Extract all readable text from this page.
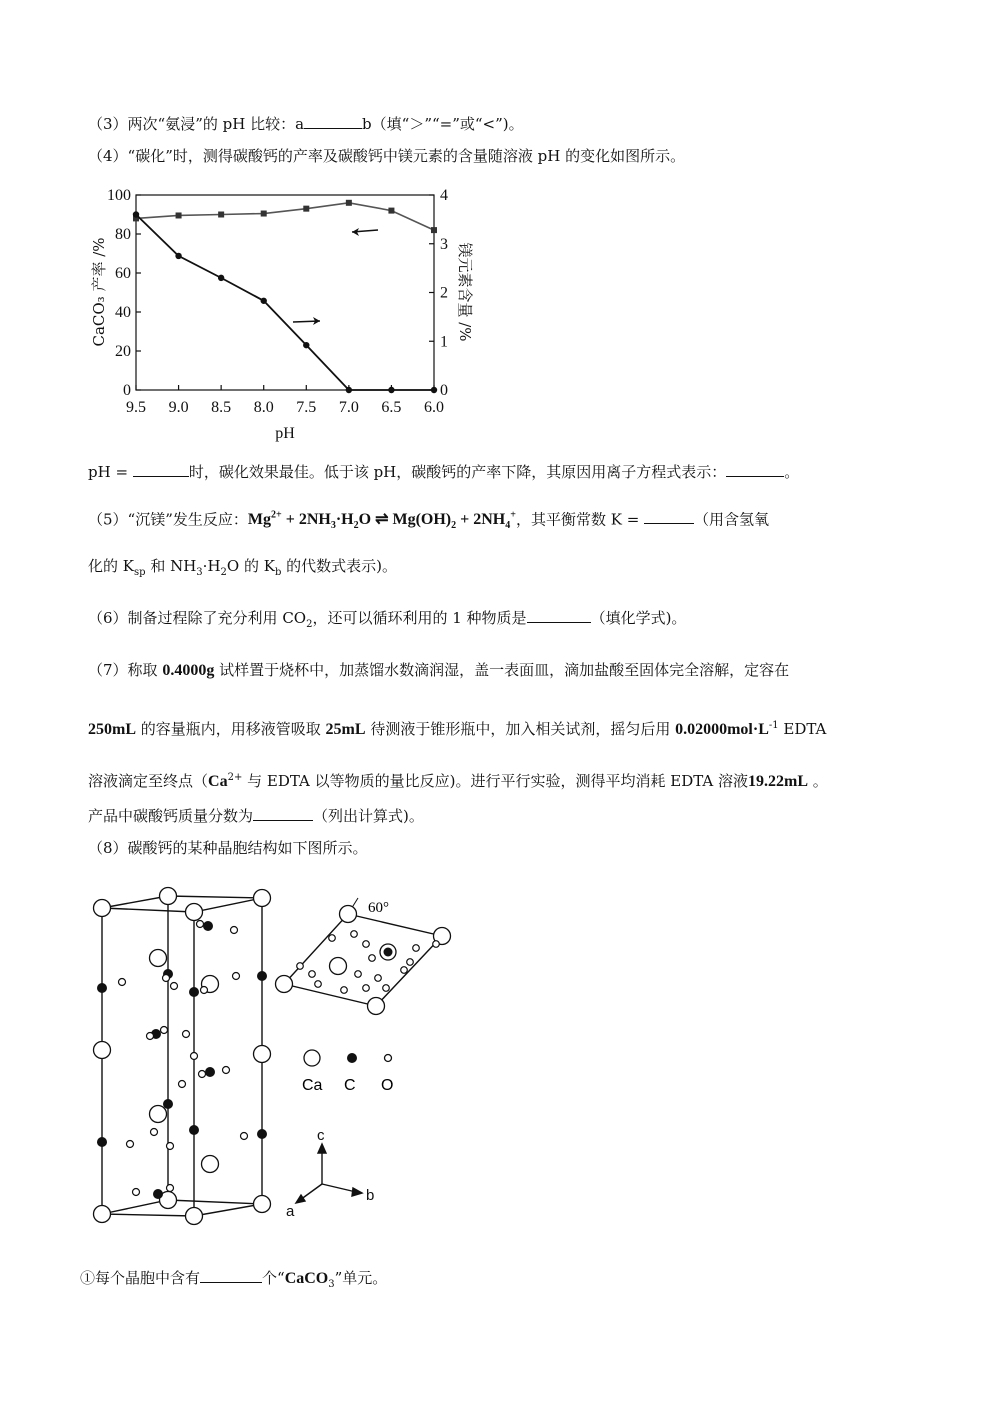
（3）两次“氨浸”的 pH 比较：a	b（填“＞”“=”或“<”)。
（4）“碳化”时，测得碳酸钙的产率及碳酸钙中镁元素的含量随溶液 pH 的变化如图所示。
9.5 9.0 8.5 8.0 7.5 7.0 6.5 6.0
0
20
40
60
80
100
0
1
2
3
4
pH
CaCO₃ 产率 /%	镁元素含量 /%
pH =	时，碳化效果最佳。低于该 pH，碳酸钙的产率下降，其原因用离子方程式表示：	。
（5）“沉镁”发生反应：$Mg^{2+} + 2NH_3\cdot H_2O$ ⇌ $Mg(OH)_2 + 2NH_4^+$，其平衡常数 K =	（用含氢氧
化的 $K_{sp}$ 和 $NH_3\cdot H_2O$ 的 $K_b$ 的代数式表示)。
（6）制备过程除了充分利用 $CO_2$，还可以循环利用的 1 种物质是	（填化学式)。
（7）称取 0.4000g 试样置于烧杯中，加蒸馏水数滴润湿，盖一表面皿，滴加盐酸至固体完全溶解，定容在
250mL 的容量瓶内，用移液管吸取 25mL 待测液于锥形瓶中，加入相关试剂，摇匀后用 $0.02000mol\cdot L^{-1}$ EDTA
溶液滴定至终点（$Ca^{2+}$ 与 EDTA 以等物质的量比反应)。进行平行实验，测得平均消耗 EDTA 溶液19.22mL 。
产品中碳酸钙质量分数为	（列出计算式)。
（8）碳酸钙的某种晶胞结构如下图所示。
60°
Ca C O
c
a
b
①每个晶胞中含有	个“CaCO$_3$”单元。
